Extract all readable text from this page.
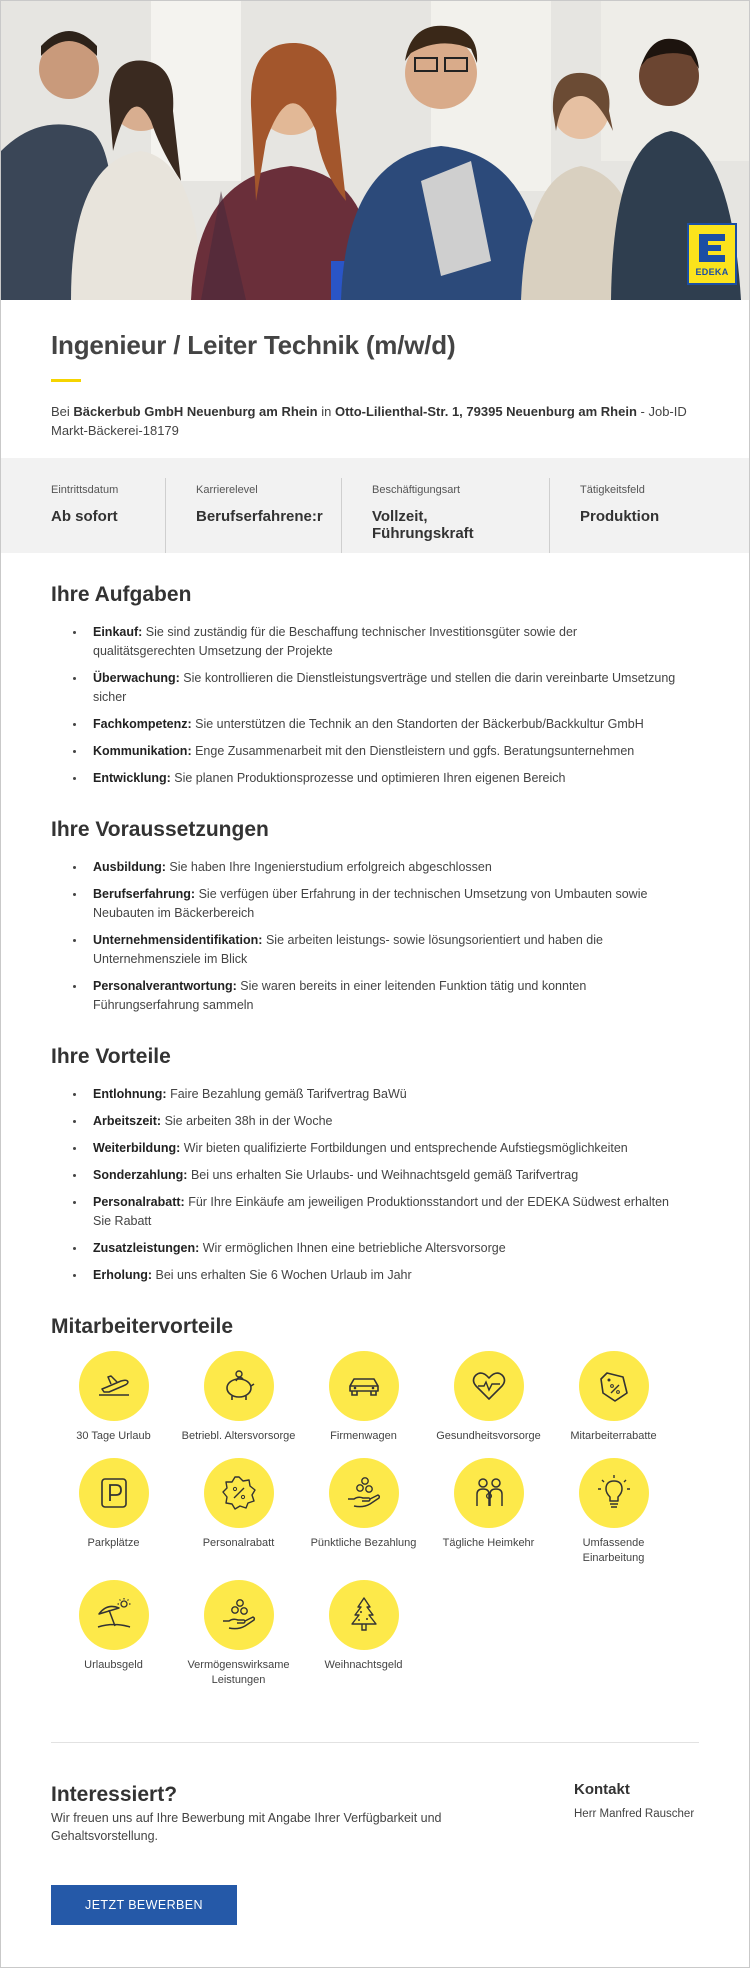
EDEKA
Ingenieur / Leiter Technik (m/w/d)

Bei Bäckerbub GmbH Neuenburg am Rhein in Otto-Lilienthal-Str. 1, 79395 Neuenburg am Rhein - Job-ID Markt-Bäckerei-18179

Eintrittsdatum
Ab sofort
Karrierelevel
Berufserfahrene:r
Beschäftigungsart
Vollzeit, Führungskraft
Tätigkeitsfeld
Produktion
Ihre Aufgaben
Einkauf: Sie sind zuständig für die Beschaffung technischer Investitionsgüter sowie der qualitätsgerechten Umsetzung der Projekte
Überwachung: Sie kontrollieren die Dienstleistungsverträge und stellen die darin vereinbarte Umsetzung sicher
Fachkompetenz: Sie unterstützen die Technik an den Standorten der Bäckerbub/Backkultur GmbH
Kommunikation: Enge Zusammenarbeit mit den Dienstleistern und ggfs. Beratungsunternehmen
Entwicklung: Sie planen Produktionsprozesse und optimieren Ihren eigenen Bereich
Ihre Voraussetzungen
Ausbildung: Sie haben Ihre Ingenierstudium erfolgreich abgeschlossen
Berufserfahrung: Sie verfügen über Erfahrung in der technischen Umsetzung von Umbauten sowie Neubauten im Bäckerbereich
Unternehmensidentifikation: Sie arbeiten leistungs- sowie lösungsorientiert und haben die Unternehmensziele im Blick
Personalverantwortung: Sie waren bereits in einer leitenden Funktion tätig und konnten Führungserfahrung sammeln
Ihre Vorteile
Entlohnung: Faire Bezahlung gemäß Tarifvertrag BaWü
Arbeitszeit: Sie arbeiten 38h in der Woche
Weiterbildung: Wir bieten qualifizierte Fortbildungen und entsprechende Aufstiegsmöglichkeiten
Sonderzahlung: Bei uns erhalten Sie Urlaubs- und Weihnachtsgeld gemäß Tarifvertrag
Personalrabatt: Für Ihre Einkäufe am jeweiligen Produktionsstandort und der EDEKA Südwest erhalten Sie Rabatt
Zusatzleistungen: Wir ermöglichen Ihnen eine betriebliche Altersvorsorge
Erholung: Bei uns erhalten Sie 6 Wochen Urlaub im Jahr
Mitarbeitervorteile
30 Tage Urlaub	Betriebl. Altersvorsorge	Firmenwagen	Gesundheitsvorsorge	Mitarbeiterrabatte
Parkplätze	Personalrabatt	Pünktliche Bezahlung	Tägliche Heimkehr	Umfassende Einarbeitung
Urlaubsgeld	Vermögenswirksame Leistungen
Weihnachtsgeld
Interessiert?

Wir freuen uns auf Ihre Bewerbung mit Angabe Ihrer Verfügbarkeit und Gehaltsvorstellung.

JETZT BEWERBEN
Kontakt
Herr Manfred Rauscher
